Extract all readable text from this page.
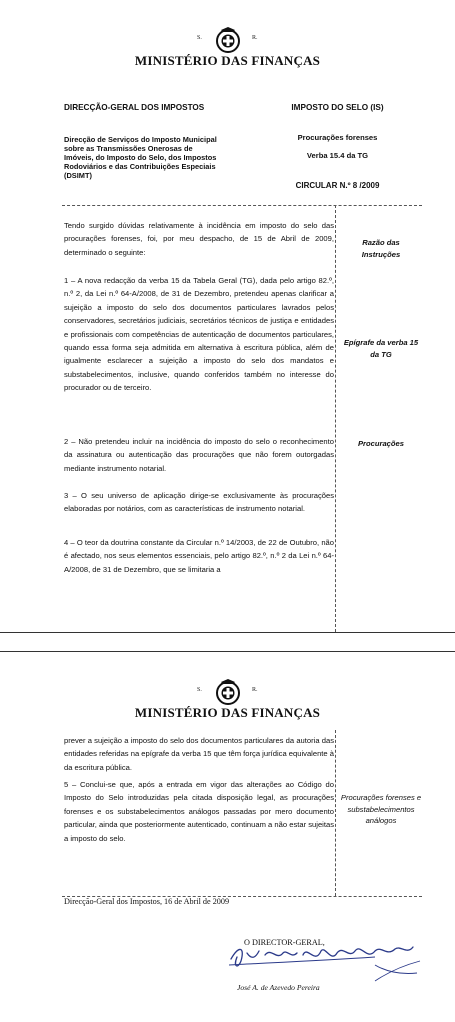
S.	R.
MINISTÉRIO DAS FINANÇAS
DIRECÇÃO-GERAL DOS IMPOSTOS	IMPOSTO DO SELO (IS)
Direcção de Serviços do Imposto Municipal
sobre as Transmissões Onerosas de
Imóveis, do Imposto do Selo, dos Impostos
Rodoviários e das Contribuições Especiais
(DSIMT)
Procurações forenses
Verba 15.4 da TG
CIRCULAR N.º 8 /2009
Tendo surgido dúvidas relativamente à incidência em imposto do selo das procurações forenses, foi, por meu despacho, de 15 de Abril de 2009, determinado o seguinte:
1 – A nova redacção da verba 15 da Tabela Geral (TG), dada pelo artigo 82.º, n.º 2, da Lei n.º 64-A/2008, de 31 de Dezembro, pretendeu apenas clarificar a sujeição a imposto do selo dos documentos particulares lavrados pelos conservadores, secretários judiciais, secretários técnicos de justiça e entidades e profissionais com competências de autenticação de documentos particulares, quando essa forma seja admitida em alternativa à escritura pública, além de igualmente esclarecer a sujeição a imposto do selo dos mandatos e substabelecimentos, inclusive, quando conferidos também no interesse do procurador ou de terceiro.
2 – Não pretendeu incluir na incidência do imposto do selo o reconhecimento da assinatura ou autenticação das procurações que não forem outorgadas mediante instrumento notarial.
3 – O seu universo de aplicação dirige-se exclusivamente às procurações elaboradas por notários, com as características de instrumento notarial.
4 – O teor da doutrina constante da Circular n.º 14/2003, de 22 de Outubro, não é afectado, nos seus elementos essenciais, pelo artigo 82.º, n.º 2 da Lei n.º 64-A/2008, de 31 de Dezembro, que se limitaria a
Razão das Instruções
Epígrafe da verba 15 da TG
Procurações
S.	R.
MINISTÉRIO DAS FINANÇAS
prever a sujeição a imposto do selo dos documentos particulares da autoria das entidades referidas na epígrafe da verba 15 que têm força jurídica equivalente à da escritura pública.
5 – Conclui-se que, após a entrada em vigor das alterações ao Código do Imposto do Selo introduzidas pela citada disposição legal, as procurações forenses e os substabelecimentos análogos passadas por mero documento particular, ainda que posteriormente autenticado, continuam a não estar sujeitas a imposto do selo.
Procurações forenses e substabelecimentos análogos
Direcção-Geral dos Impostos, 16 de Abril de 2009
O DIRECTOR-GERAL,
José A. de Azevedo Pereira
